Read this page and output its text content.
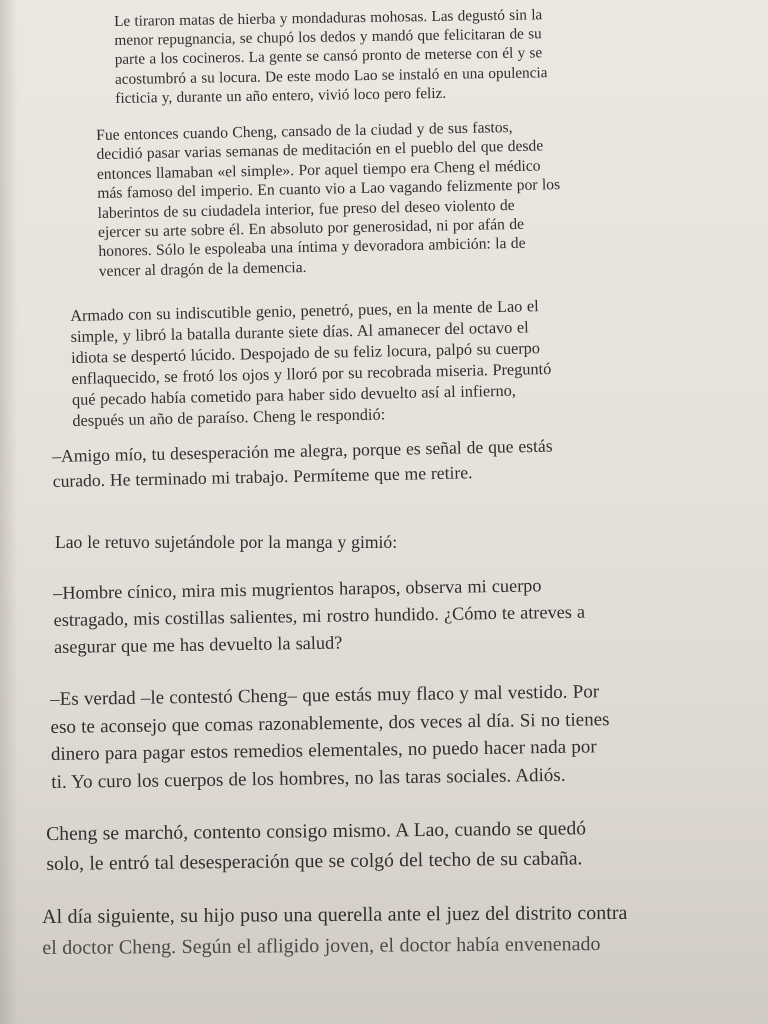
Le tiraron matas de hierba y mondaduras mohosas. Las degustó sin la
menor repugnancia, se chupó los dedos y mandó que felicitaran de su
parte a los cocineros. La gente se cansó pronto de meterse con él y se
acostumbró a su locura. De este modo Lao se instaló en una opulencia
ficticia y, durante un año entero, vivió loco pero feliz.

Fue entonces cuando Cheng, cansado de la ciudad y de sus fastos,
decidió pasar varias semanas de meditación en el pueblo del que desde
entonces llamaban «el simple». Por aquel tiempo era Cheng el médico
más famoso del imperio. En cuanto vio a Lao vagando felizmente por los
laberintos de su ciudadela interior, fue preso del deseo violento de
ejercer su arte sobre él. En absoluto por generosidad, ni por afán de
honores. Sólo le espoleaba una íntima y devoradora ambición: la de
vencer al dragón de la demencia.

Armado con su indiscutible genio, penetró, pues, en la mente de Lao el
simple, y libró la batalla durante siete días. Al amanecer del octavo el
idiota se despertó lúcido. Despojado de su feliz locura, palpó su cuerpo
enflaquecido, se frotó los ojos y lloró por su recobrada miseria. Preguntó
qué pecado había cometido para haber sido devuelto así al infierno,
después un año de paraíso. Cheng le respondió:

–Amigo mío, tu desesperación me alegra, porque es señal de que estás
curado. He terminado mi trabajo. Permíteme que me retire.

Lao le retuvo sujetándole por la manga y gimió:

–Hombre cínico, mira mis mugrientos harapos, observa mi cuerpo
estragado, mis costillas salientes, mi rostro hundido. ¿Cómo te atreves a
asegurar que me has devuelto la salud?

–Es verdad –le contestó Cheng– que estás muy flaco y mal vestido. Por
eso te aconsejo que comas razonablemente, dos veces al día. Si no tienes
dinero para pagar estos remedios elementales, no puedo hacer nada por
ti. Yo curo los cuerpos de los hombres, no las taras sociales. Adiós.

Cheng se marchó, contento consigo mismo. A Lao, cuando se quedó
solo, le entró tal desesperación que se colgó del techo de su cabaña.

Al día siguiente, su hijo puso una querella ante el juez del distrito contra
el doctor Cheng. Según el afligido joven, el doctor había envenenado
